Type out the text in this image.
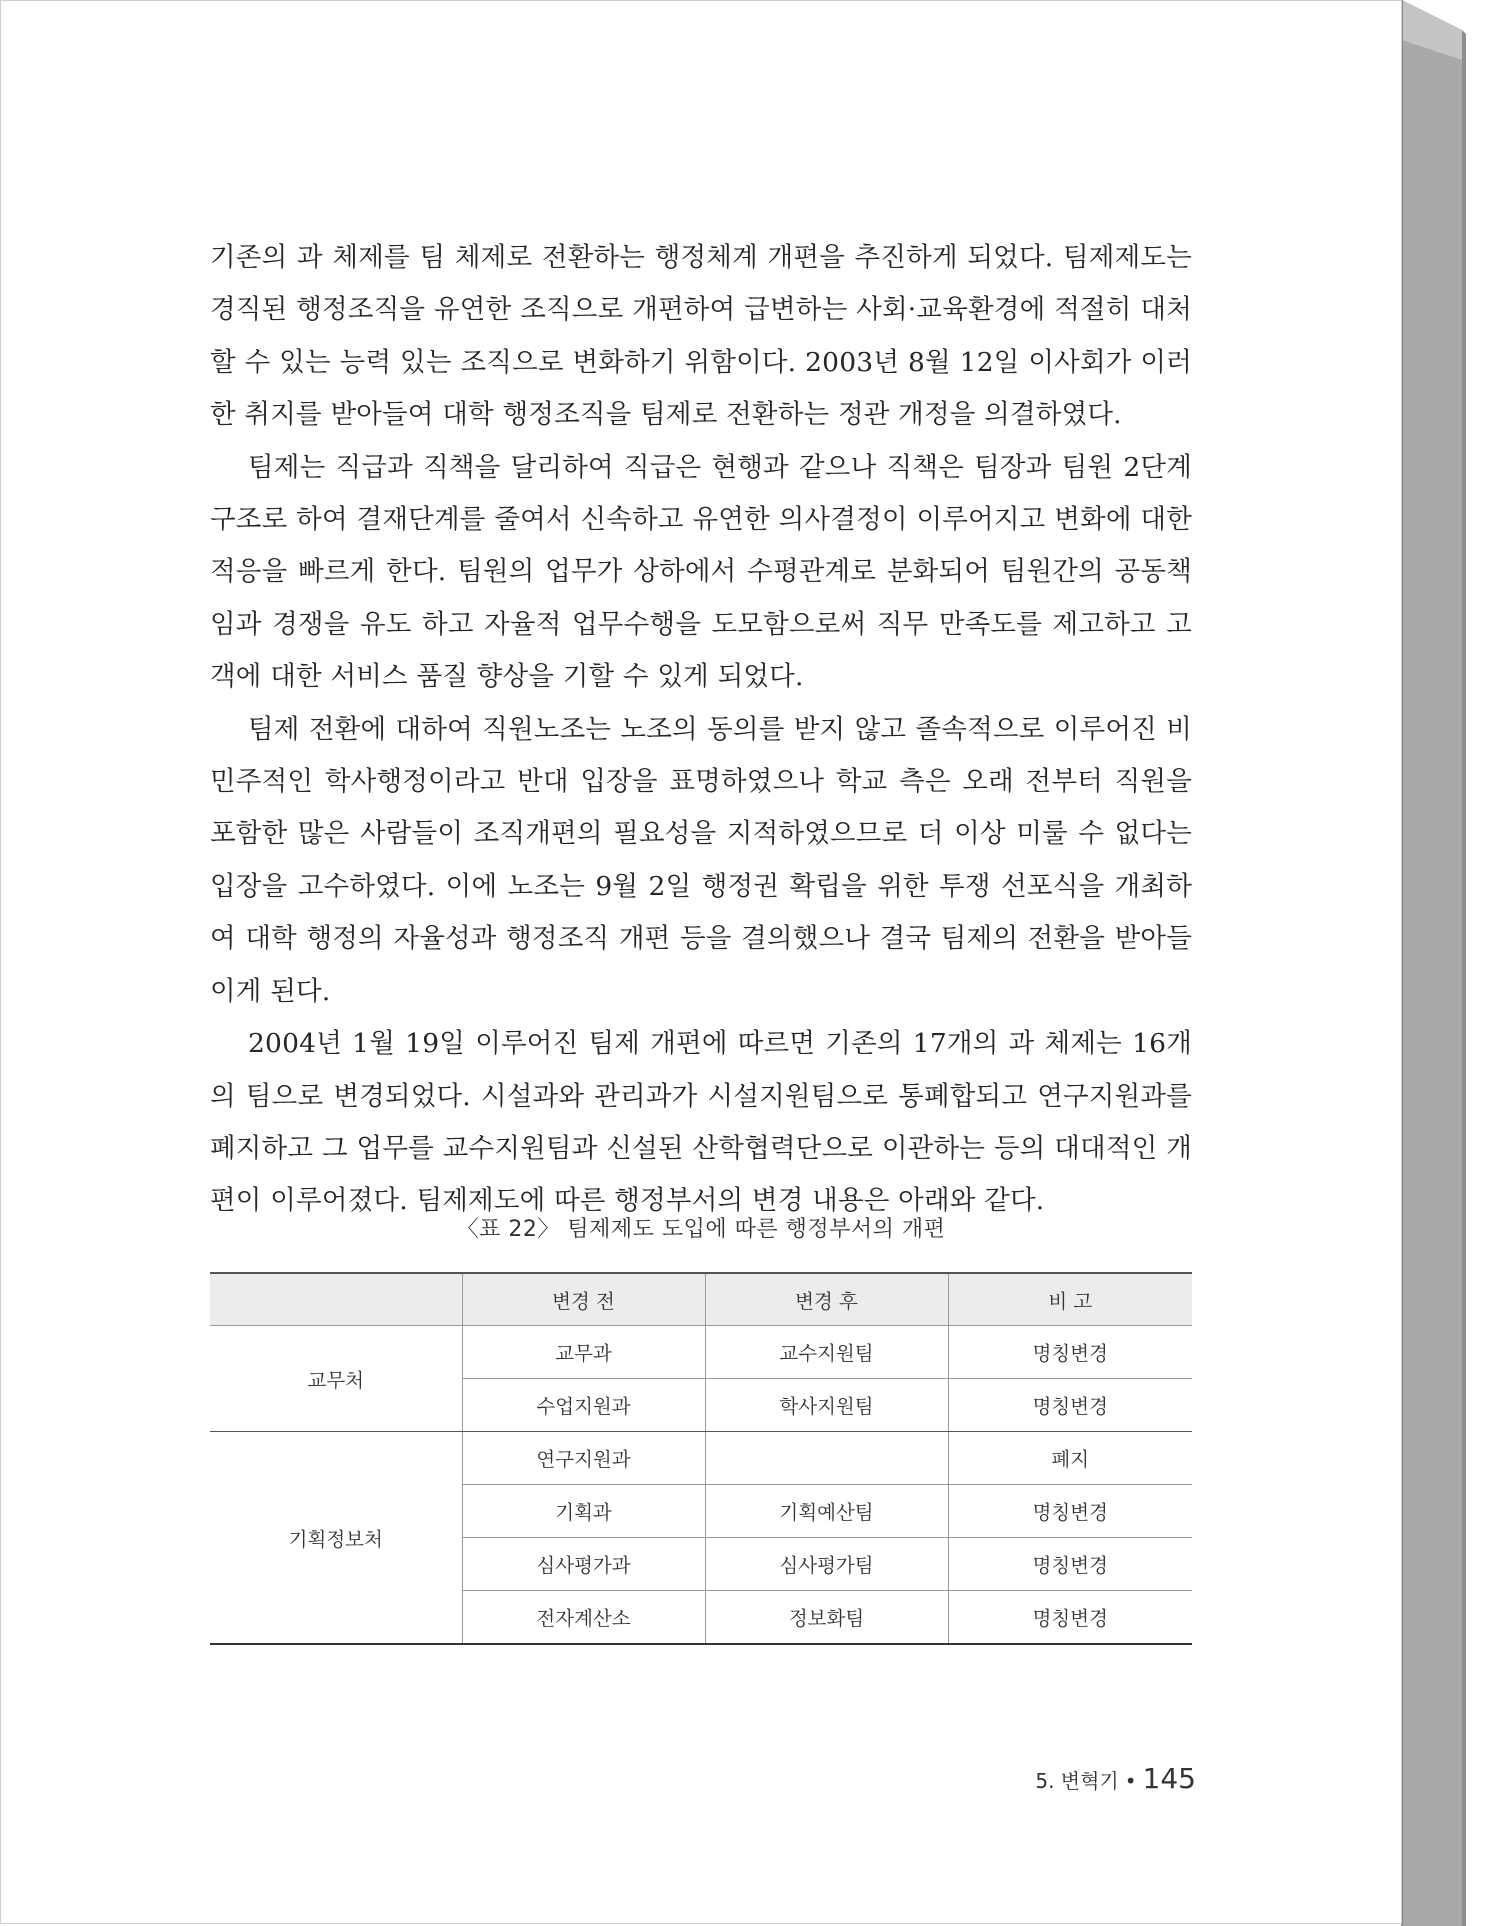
기존의 과 체제를 팀 체제로 전환하는 행정체계 개편을 추진하게 되었다. 팀제제도는 경직된 행정조직을 유연한 조직으로 개편하여 급변하는 사회·교육환경에 적절히 대처할 수 있는 능력 있는 조직으로 변화하기 위함이다. 2003년 8월 12일 이사회가 이러한 취지를 받아들여 대학 행정조직을 팀제로 전환하는 정관 개정을 의결하였다.

팀제는 직급과 직책을 달리하여 직급은 현행과 같으나 직책은 팀장과 팀원 2단계 구조로 하여 결재단계를 줄여서 신속하고 유연한 의사결정이 이루어지고 변화에 대한 적응을 빠르게 한다. 팀원의 업무가 상하에서 수평관계로 분화되어 팀원간의 공동책임과 경쟁을 유도 하고 자율적 업무수행을 도모함으로써 직무 만족도를 제고하고 고객에 대한 서비스 품질 향상을 기할 수 있게 되었다.

팀제 전환에 대하여 직원노조는 노조의 동의를 받지 않고 졸속적으로 이루어진 비민주적인 학사행정이라고 반대 입장을 표명하였으나 학교 측은 오래 전부터 직원을 포함한 많은 사람들이 조직개편의 필요성을 지적하였으므로 더 이상 미룰 수 없다는 입장을 고수하였다. 이에 노조는 9월 2일 행정권 확립을 위한 투쟁 선포식을 개최하여 대학 행정의 자율성과 행정조직 개편 등을 결의했으나 결국 팀제의 전환을 받아들이게 된다.

2004년 1월 19일 이루어진 팀제 개편에 따르면 기존의 17개의 과 체제는 16개의 팀으로 변경되었다. 시설과와 관리과가 시설지원팀으로 통폐합되고 연구지원과를 폐지하고 그 업무를 교수지원팀과 신설된 산학협력단으로 이관하는 등의 대대적인 개편이 이루어졌다. 팀제제도에 따른 행정부서의 변경 내용은 아래와 같다.

〈표 22〉 팀제제도 도입에 따른 행정부서의 개편
	변경 전	변경 후	비 고
교무처	교무과	교수지원팀	명칭변경
	수업지원과	학사지원팀	명칭변경
기획정보처	연구지원과		폐지
	기획과	기획예산팀	명칭변경
	심사평가과	심사평가팀	명칭변경
	전자계산소	정보화팀	명칭변경
5. 변혁기 • 145
